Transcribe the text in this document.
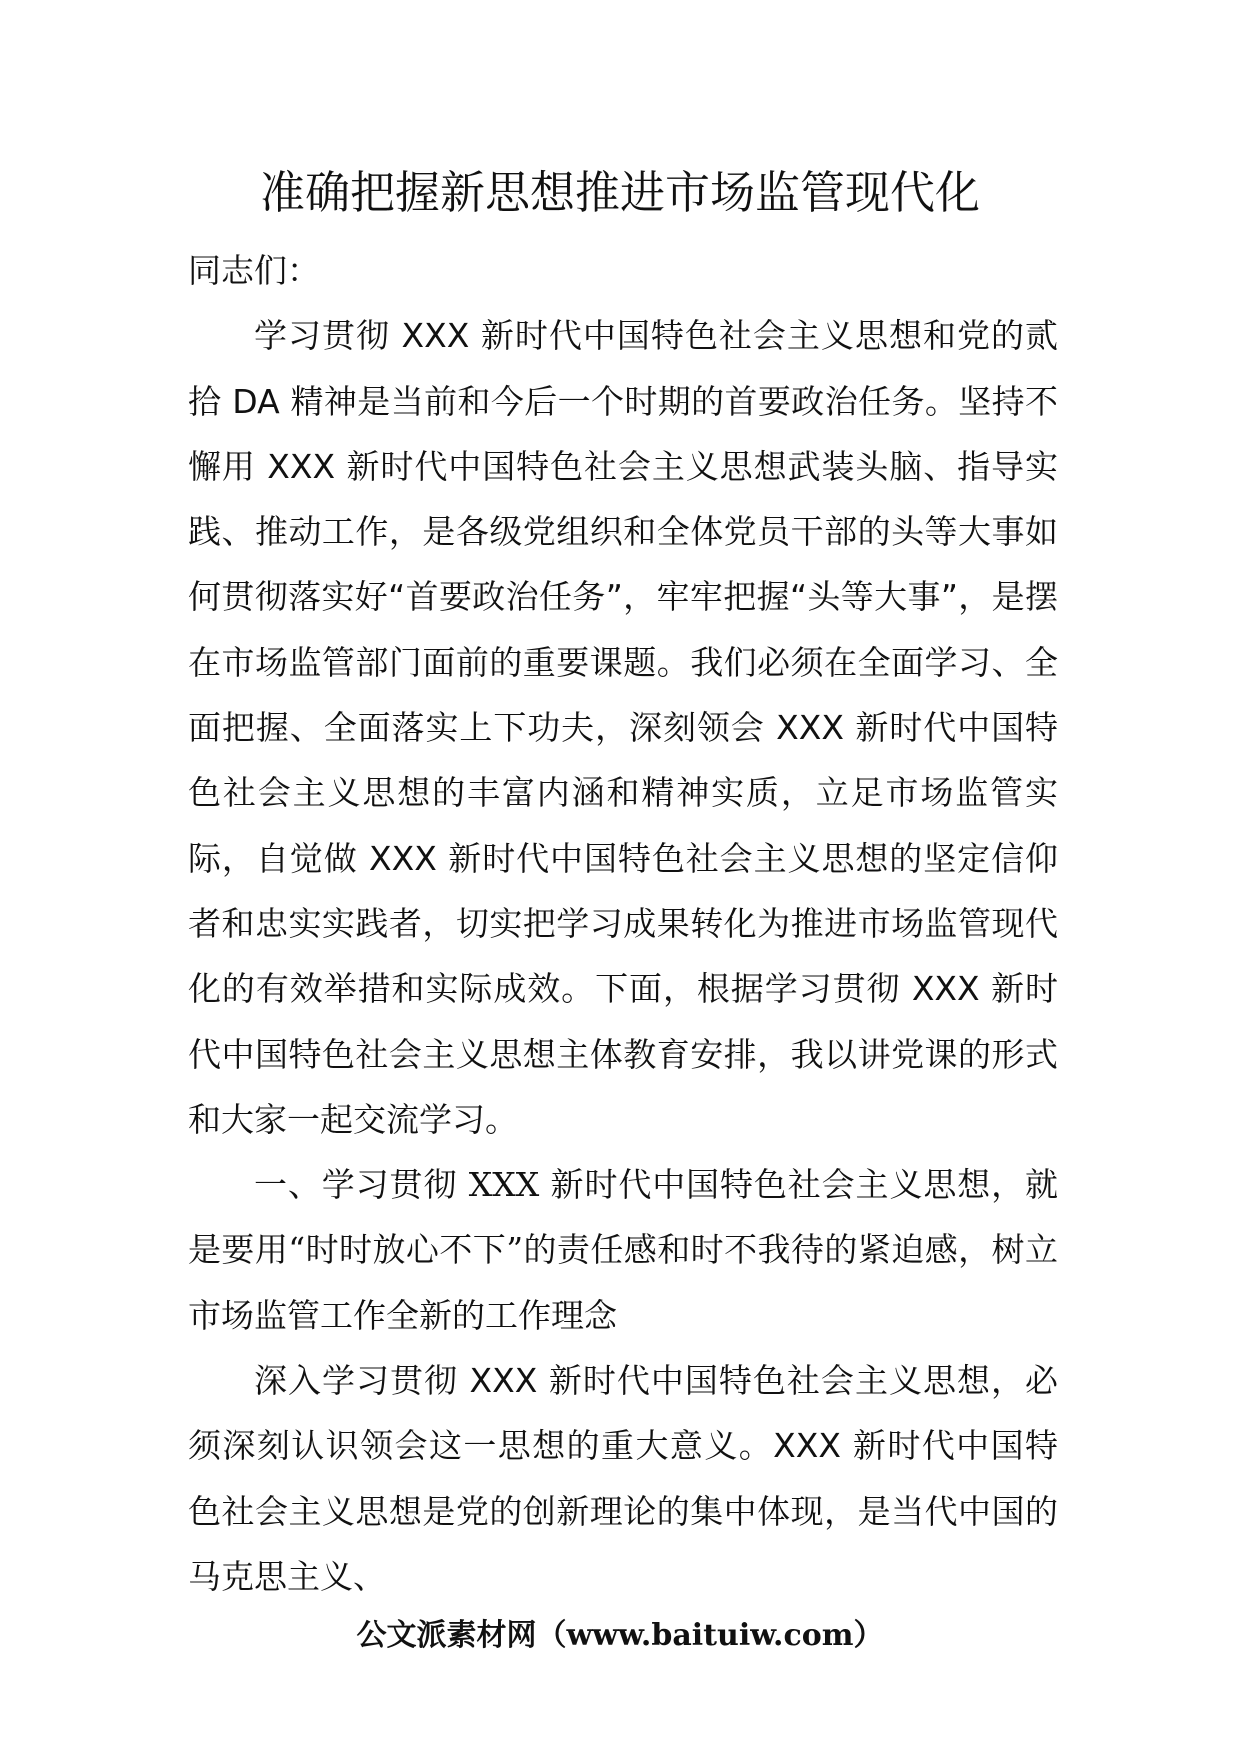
准确把握新思想推进市场监管现代化

同志们：

学习贯彻 XXX 新时代中国特色社会主义思想和党的贰拾 DA 精神是当前和今后一个时期的首要政治任务。坚持不懈用 XXX 新时代中国特色社会主义思想武装头脑、指导实践、推动工作，是各级党组织和全体党员干部的头等大事如何贯彻落实好“首要政治任务”，牢牢把握“头等大事”，是摆在市场监管部门面前的重要课题。我们必须在全面学习、全面把握、全面落实上下功夫，深刻领会 XXX 新时代中国特色社会主义思想的丰富内涵和精神实质，立足市场监管实际，自觉做 XXX 新时代中国特色社会主义思想的坚定信仰者和忠实实践者，切实把学习成果转化为推进市场监管现代化的有效举措和实际成效。下面，根据学习贯彻 XXX 新时代中国特色社会主义思想主体教育安排，我以讲党课的形式和大家一起交流学习。

一、学习贯彻 XXX 新时代中国特色社会主义思想，就是要用“时时放心不下”的责任感和时不我待的紧迫感，树立市场监管工作全新的工作理念

深入学习贯彻 XXX 新时代中国特色社会主义思想，必须深刻认识领会这一思想的重大意义。XXX 新时代中国特色社会主义思想是党的创新理论的集中体现，是当代中国的马克思主义、

公文派素材网（www.baituiw.com）
